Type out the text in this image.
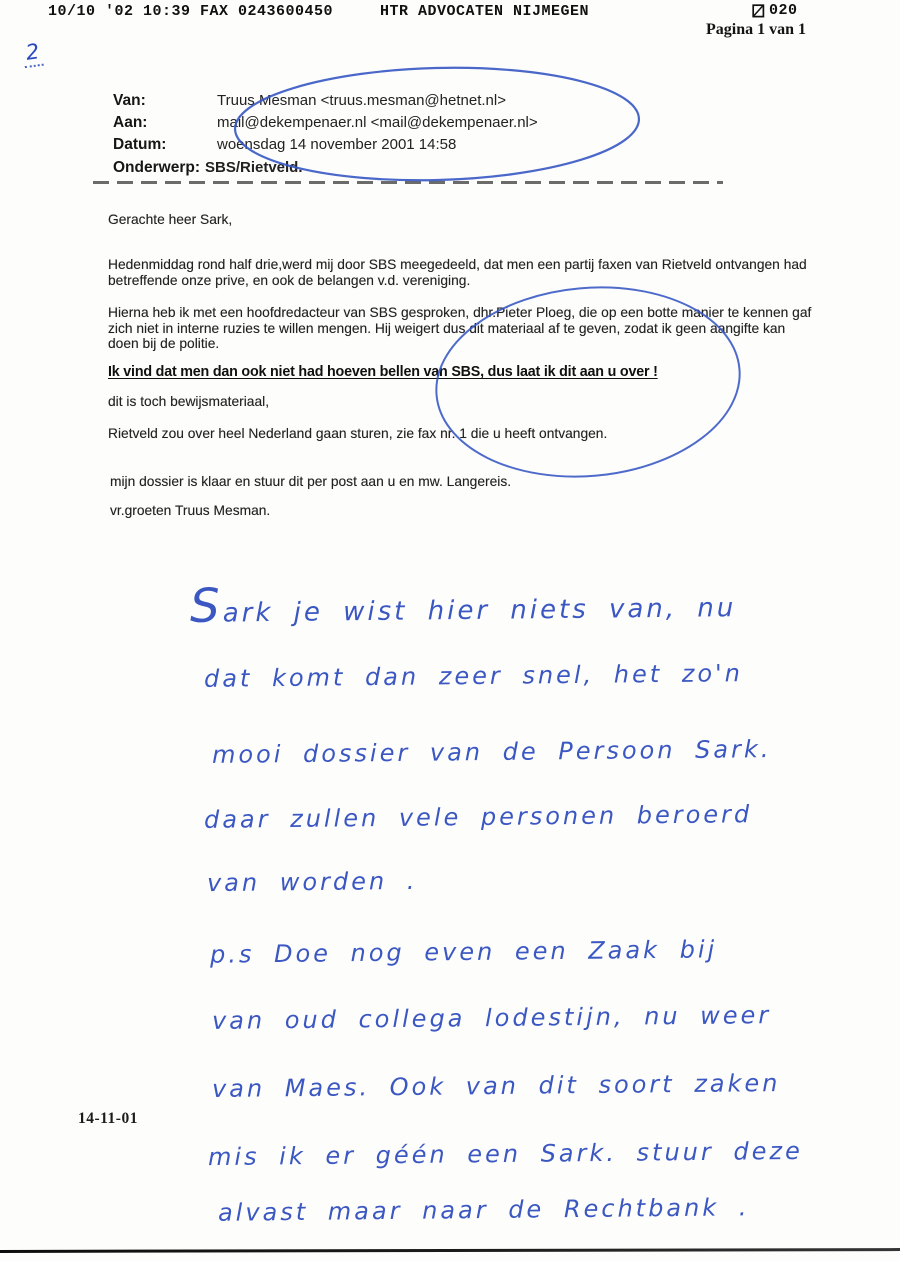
10/10 '02 10:39 FAX 0243600450	HTR ADVOCATEN NIJMEGEN	020
Pagina 1 van 1
2
Van:	Truus Mesman <truus.mesman@hetnet.nl>
Aan:	mail@dekempenaer.nl <mail@dekempenaer.nl>
Datum:	woensdag 14 november 2001 14:58
Onderwerp: SBS/Rietveld.
Gerachte heer Sark,
Hedenmiddag rond half drie,werd mij door SBS meegedeeld, dat men een partij faxen van Rietveld ontvangen had betreffende onze prive, en ook de belangen v.d. vereniging.
Hierna heb ik met een hoofdredacteur van SBS gesproken, dhr.Pieter Ploeg, die op een botte manier te kennen gaf zich niet in interne ruzies te willen mengen. Hij weigert dus dit materiaal af te geven, zodat ik geen aangifte kan doen bij de politie.
Ik vind dat men dan ook niet had hoeven bellen van SBS, dus laat ik dit aan u over !
dit is toch bewijsmateriaal,
Rietveld zou over heel Nederland gaan sturen, zie fax nr. 1 die u heeft ontvangen.
mijn dossier is klaar en stuur dit per post aan u en mw. Langereis.
vr.groeten Truus Mesman.
Sark je wist hier niets van, nu
dat komt dan zeer snel, het zo'n
mooi dossier van de Persoon Sark.
daar zullen vele personen beroerd
van worden .
p.s Doe nog even een Zaak bij
van oud collega lodestijn, nu weer
van Maes. Ook van dit soort zaken
mis ik er géén een Sark. stuur deze
alvast maar naar de Rechtbank .
14-11-01
